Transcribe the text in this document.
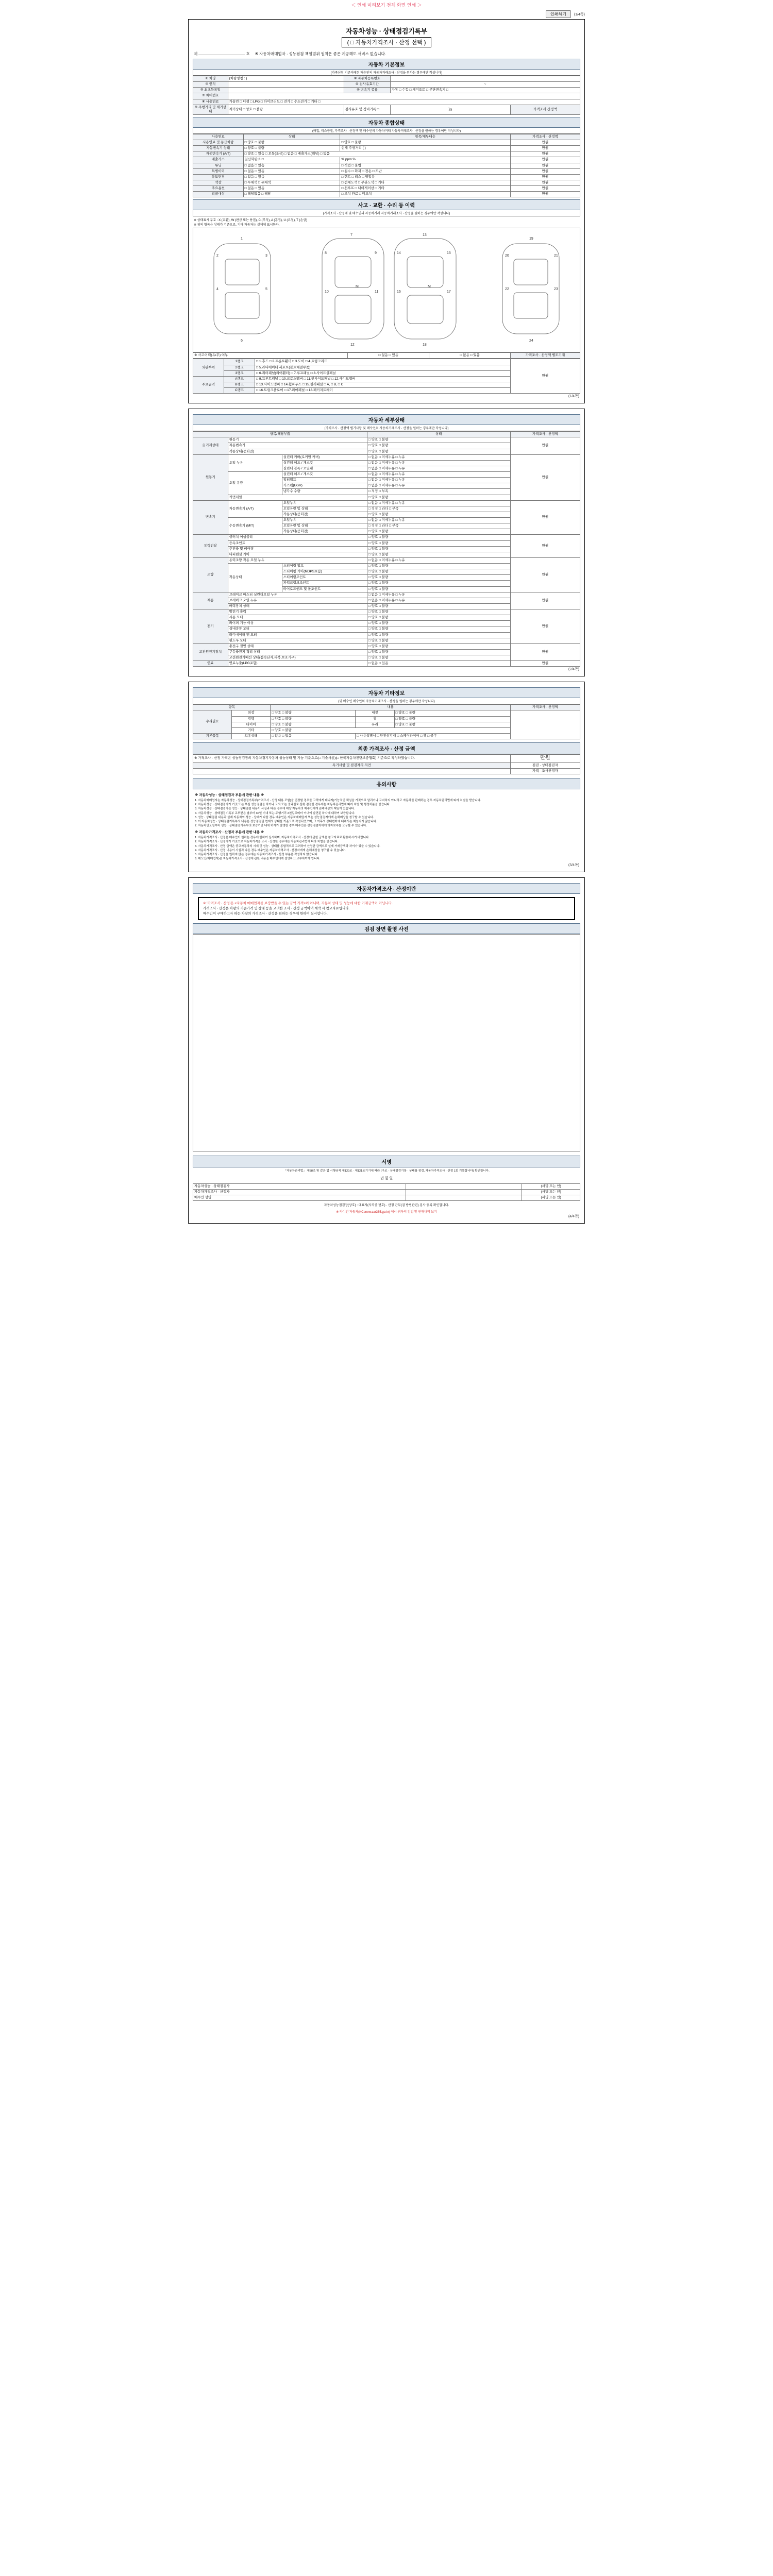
＜ 인쇄 미리보기 전체 화면 인쇄 ＞
인쇄하기	(1/4쪽)
자동차성능 · 상태점검기록부
( □ 자동차가격조사 · 산정 선택 )
제	호 ※ 자동차매매업자 · 성능점검 책임범위 원칙은 좋은 계공해도 서비스 없습니다.
자동차 기본정보
(가족신청 기준거래된 매수인의 자동차거래조사 · 산정을 원하는 경우에만 작성니다)
① 차명	(차량명칭 : )	② 자동차등록번호		
③ 연식		④ 검사유효기간	~	
⑤ 최초등록일		⑥ 변속기 종류	자동 □ 수동 □ 세미오토 □ 무단변속기 □	
⑦ 차대번호				
⑧ 사용연료	가솔린 □ 디젤 □ LPG □ 하이브리드 □ 전기 □ 수소전기 □ 기타 □			
⑨ 주행거리 및 계기상태	계기상태 □ 양호 □ 불량	검사유효 및 정비기록 □	㎞	가격조사 산정액
자동차 종합상태
(매입, 리스품질, 가격조사 · 산정액 및 매수인의 자동차거래 자동차거래조사 · 산정을 원하는 경우에만 작성니다)
사용연료	상태	항목/세부내용	가격조사 · 산정액
사용연료 및 동급차량	□ 양호 □ 불량	□ 양호 □ 불량	만원
자동변속기 상태	□ 양호 □ 불량	현재 주행거리 ( )	만원
자동변속기 (A/T)	□ 양호 □ 있음 □ 보통(조금) □ 없음 □ 배출가스(해당) □ 없음		만원
배출가스	일산화탄소 □	% ppm %	만원
튜닝	□ 없음 □ 있음	□ 적법 □ 불법	만원
특별이력	□ 없음 □ 있음	□ 침수 □ 화재 □ 전손 □ 도난	만원
용도변경	□ 없음 □ 있음	□ 렌트 □ 리스 □ 영업용	만원
색상	□ 무채색 □ 유채색	□ 전체도색 □ 부분도색 □ 기타	만원
주요옵션	□ 없음 □ 있음	□ 선루프 □ 내비게이션 □ 기타	만원
리콜대상	□ 해당없음 □ 해당	□ 조치 완료 □ 미조치	만원
사고 · 교환 · 수리 등 이력
(가격조사 · 산정에 및 매수인의 자동차거래 자동차거래조사 · 산정을 원하는 경우에만 작성니다)
※ 상태표시 부호 : X (교환), W (판금 또는 용접), C (부식), A (흠집), U (요철), T (손상)
※ 위의 항목은 상태가 기준으로, 기타 자동차는 실제에 표시한다.
1
2	3
4	5
6
7
8	9
10	11
12
13
14	15
16	17
18
19
20	21
22	23
24
M	M
※ 사고이력(유/무) 여부	□ 없음 □ 있음	□ 없음 □ 있음	가격조사 · 산정액 별도기재
외판부위	1랭크	□ 1.후드 □ 2.프론트휀더 □ 3.도어 □ 4.트렁크리드	만원
	2랭크	□ 5.라디에이터 서포트(볼트체결부품)	
	3랭크	□ 6.쿼터패널(리어휀더) □ 7.루프패널 □ 8.사이드실패널	
주요골격	A랭크	□ 9.프론트패널 □ 10.크로스멤버 □ 11.인사이드패널 □ 12.사이드멤버	
	B랭크	□ 13.사이드멤버 □ 14.휠하우스 □ 15.필러패널 □ A, □ B, □ C	
	C랭크	□ 16.트렁크플로어 □ 17.리어패널 □ 18.패키지트레이	
(1/4쪽)
자동차 세부상태
(가격조사 · 산정액 별기사항 및 매수인의 자동차거래조사 · 산정을 원하는 경우에만 작성니다)
항목/해당부품			상태	가격조사 · 산정액
自기계상태	원동기		□ 양호 □ 불량	만원
	자동변속기		□ 양호 □ 불량	
	작동상태(공회전)		□ 양호 □ 불량	
원동기	오일 누유	실린더 커버(로커암 커버)	□ 없음 □ 미세누유 □ 누유	만원
		실린더 헤드 / 개스킷	□ 없음 □ 미세누유 □ 누유	
		실린더 블록 / 오일팬	□ 없음 □ 미세누유 □ 누유	
	오일 유량	실린더 헤드 / 개스킷	□ 없음 □ 미세누유 □ 누유	
		워터펌프	□ 없음 □ 미세누유 □ 누유	
		가스켓(EGR)	□ 없음 □ 미세누유 □ 누유	
		냉각수 수량	□ 적정 □ 부족	
	커먼레일		□ 양호 □ 불량	
변속기	자동변속기 (A/T)	오일누유	□ 없음 □ 미세누유 □ 누유	만원
		오일유량 및 상태	□ 적정 □ 과다 □ 부족	
		작동상태(공회전)	□ 양호 □ 불량	
	수동변속기 (M/T)	오일누유	□ 없음 □ 미세누유 □ 누유	
		오일유량 및 상태	□ 적정 □ 과다 □ 부족	
		작동상태(공회전)	□ 양호 □ 불량	
동력전달	클러치 어셈블리		□ 양호 □ 불량	만원
	등속조인트		□ 양호 □ 불량	
	추진축 및 베어링		□ 양호 □ 불량	
	디퍼렌셜 기어		□ 양호 □ 불량	
조향	동력조향 작동 오일 누유		□ 없음 □ 미세누유 □ 누유	만원
	작동상태	스티어링 펌프	□ 양호 □ 불량	
		스티어링 기어(MDPS포함)	□ 양호 □ 불량	
		스티어링조인트	□ 양호 □ 불량	
		파워크랭크조인트	□ 양호 □ 불량	
		타이로드엔드 및 볼조인트	□ 양호 □ 불량	
제동	브레이크 마스터 실린더오일 누유		□ 없음 □ 미세누유 □ 누유	만원
	브레이크 오일 누유		□ 없음 □ 미세누유 □ 누유	
	배력장치 상태		□ 양호 □ 불량	
전기	발전기 출력		□ 양호 □ 불량	만원
	시동 모터		□ 양호 □ 불량	
	와이퍼 기능 이상		□ 양호 □ 불량	
	실내송풍 모터		□ 양호 □ 불량	
	라디에이터 팬 모터		□ 양호 □ 불량	
	윈도우 모터		□ 양호 □ 불량	
고전원전기장치	충전구 절연 상태		□ 양호 □ 불량	만원
	구동축전지 격리 상태		□ 양호 □ 불량	
	고전원전기배선 상태(접속단자,피복,보호기구)		□ 양호 □ 불량	
연료	연료누출(LPG포함)		□ 없음 □ 있음	만원
(2/4쪽)
자동차 기타정보
(및 매수인 매수인의 자동차거래조사 · 산정을 원하는 경우에만 작성니다)
항목		내용			가격조사 · 산정액
수리필요	외장	□ 양호 □ 불량	내장	□ 양호 □ 불량	
	광택	□ 양호 □ 불량	휠	□ 양호 □ 불량	
	타이어	□ 양호 □ 불량	유리	□ 양호 □ 불량	
	기타	□ 양호 □ 불량			
기본품목	보유상태	□ 없음 □ 있음	□ 사용설명서 □ 안전삼각대 □ 스페어타이어 □ 잭 □ 공구		
최종 가격조사 · 산정 금액
※ 가격조사 · 산정 가격은 성능점검장의 자동차경기자동차 성능상태 및 기능 기준으로(□ 기술사용)(□ 한국자동차진단보증협회) 기준으로 작성하였습니다.	만원
특기사항 및 점검자의 의견	점검 · 상태점검자
	가격 · 조사산정자
유의사항
※ 자동차성능 · 상태점검자 부분에 관한 내용 ※
1. 자동차매매업자는 자동차성능 · 상태점검기록부(가격조사 · 산정 내용 포함)을 인정할 경우를 고객에게 매니저(기능적인 책임을 거짓으로 알리거나 고지하지 아니하고 자동차를 판매하는 경우 자동차관리법에 따라 처벌을 받습니다.
2. 자동차성능 · 상태점검자가 거짓 또는 부실 성능점검을 하거나 고의 또는 중과실로 잘못 점검한 경우에는 자동차관리법에 따라 처벌 및 행정처분을 받습니다.
3. 자동차성능 · 상태점검자는 성능 · 상태점검 내용이 사실과 다른 경우에 해당 자동차의 매수인에게 손해배상의 책임이 있습니다.
4. 자동차성능 · 상태점검기록부 교부받은 날부터 30일 이내 또는 주행거리 2천킬로미터 이내에 발견된 하자에 대하여 보증합니다.
5. 성능 · 상태점검 내용과 실제 자동차의 성능 · 상태가 다를 경우 매수인은 자동차매매업자 또는 성능점검자에게 손해배상을 청구할 수 있습니다.
6. 이 자동차성능 · 상태점검기록부의 내용은 성능점검일 현재의 상태를 기준으로 작성되었으며, 그 이후의 상태변화에 대해서는 책임지지 않습니다.
7. 자동차인도일부터 성능 · 상태점검기록부의 보증기간 내에 하자가 발생한 경우 매수인은 성능점검자에게 하자보수를 요구할 수 있습니다.
※ 자동차가격조사 · 산정자 부분에 관한 내용 ※
1. 자동차가격조사 · 산정은 매수인이 원하는 경우에 한하여 실시하며, 자동차가격조사 · 산정에 관한 금액은 참고자료로 활용하시기 바랍니다.
2. 자동차가격조사 · 산정자가 거짓으로 자동차가격을 조사 · 산정한 경우에는 자동차관리법에 따라 처벌을 받습니다.
3. 자동차가격조사 · 산정 금액은 중고자동차의 시세 및 성능 · 상태를 종합적으로 고려하여 산정한 금액으로 실제 거래금액과 차이가 있을 수 있습니다.
4. 자동차가격조사 · 산정 내용이 사실과 다른 경우 매수인은 자동차가격조사 · 산정자에게 손해배상을 청구할 수 있습니다.
5. 자동차가격조사 · 산정을 원하지 않는 경우에는 자동차가격조사 · 산정 부분은 작성하지 않습니다.
6. 매도인(매매업자)은 자동차가격조사 · 산정에 관한 내용을 매수인에게 설명하고 교부하여야 합니다.
(3/4쪽)
자동차가격조사 · 산정이란
※ '가격조사 · 산정'은 <자동차 매매업자를 보장받을 수 있는 금액 가격>이 아니며, 자동차 상태 및 성능에 대한 거래금액이 아닙니다.
가격조사 · 산정은 차량의 기준가격 및 상태 등을 고려한 조사 · 산정 금액이며 계약 시 참고자료입니다.
매수인이 구매하고자 하는 차량의 가격조사 · 산정을 원하는 경우에 한하여 실시합니다.
검검 장면 촬영 사진
서명
「자동차관리법」 제58조 및 같은 법 시행규칙 제120조 · 제121조기기에 따라 (구조 · 상태점검기록 · 상태를 점검, 자동차가격조사 · 산정 1회 기록합니다) 확인합니다.
년 월 일
자동차성능 · 상태점검자		(서명 또는 인)
자동차가격조사 · 산정자		(서명 또는 인)
매수인 성명		(서명 또는 인)
자동차성능점검장(상호) : 대표자(자격증 번호) · 산정 근무(검 방법관련) 검사 등록 확인합니다.
※ 카디건 자동차(KCenew.car365.go.kr) 에서 귀하의 검검 및 판매내역 보기
(4/4쪽)
